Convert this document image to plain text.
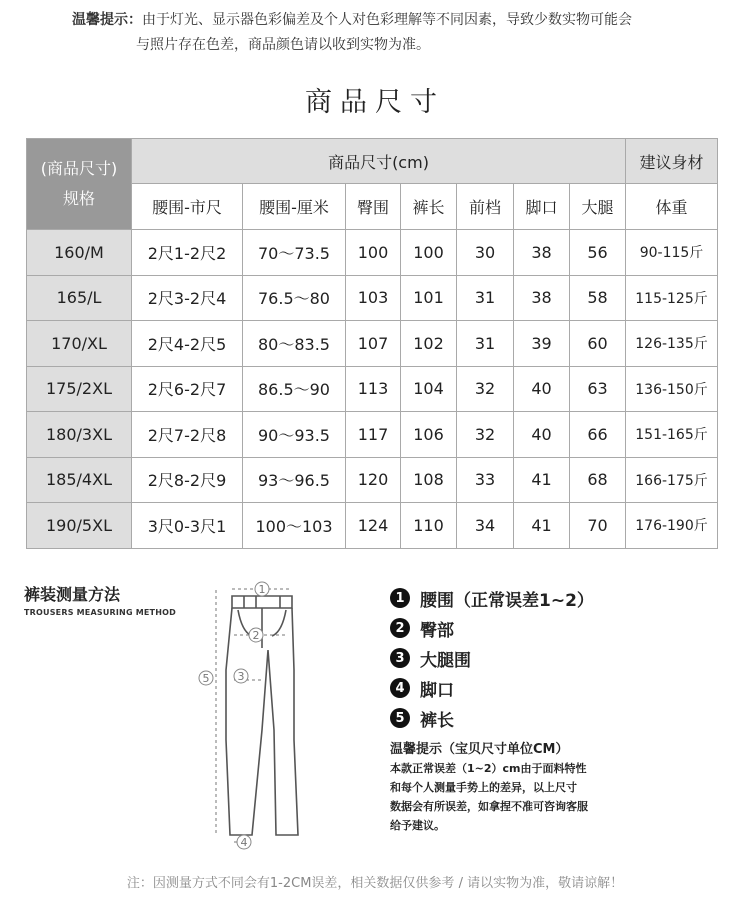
温馨提示：由于灯光、显示器色彩偏差及个人对色彩理解等不同因素，导致少数实物可能会
与照片存在色差，商品颜色请以收到实物为准。
商品尺寸
(商品尺寸)
规格	商品尺寸(cm)							建议身材
	腰围-市尺	腰围-厘米	臀围	裤长	前档	脚口	大腿	体重
160/M	2尺1-2尺2	70～73.5	100	100	30	38	56	90-115斤
165/L	2尺3-2尺4	76.5～80	103	101	31	38	58	115-125斤
170/XL	2尺4-2尺5	80～83.5	107	102	31	39	60	126-135斤
175/2XL	2尺6-2尺7	86.5～90	113	104	32	40	63	136-150斤
180/3XL	2尺7-2尺8	90～93.5	117	106	32	40	66	151-165斤
185/4XL	2尺8-2尺9	93～96.5	120	108	33	41	68	166-175斤
190/5XL	3尺0-3尺1	100～103	124	110	34	41	70	176-190斤
裤装测量方法
TROUSERS MEASURING METHOD
1
2
3
4
5
1 腰围（正常误差1~2）
2 臀部
3 大腿围
4 脚口
5 裤长
温馨提示（宝贝尺寸单位CM）
本款正常误差（1~2）cm由于面料特性
和每个人测量手势上的差异，以上尺寸
数据会有所误差，如拿捏不准可咨询客服
给予建议。
注：因测量方式不同会有1-2CM误差，相关数据仅供参考 / 请以实物为准，敬请谅解！
